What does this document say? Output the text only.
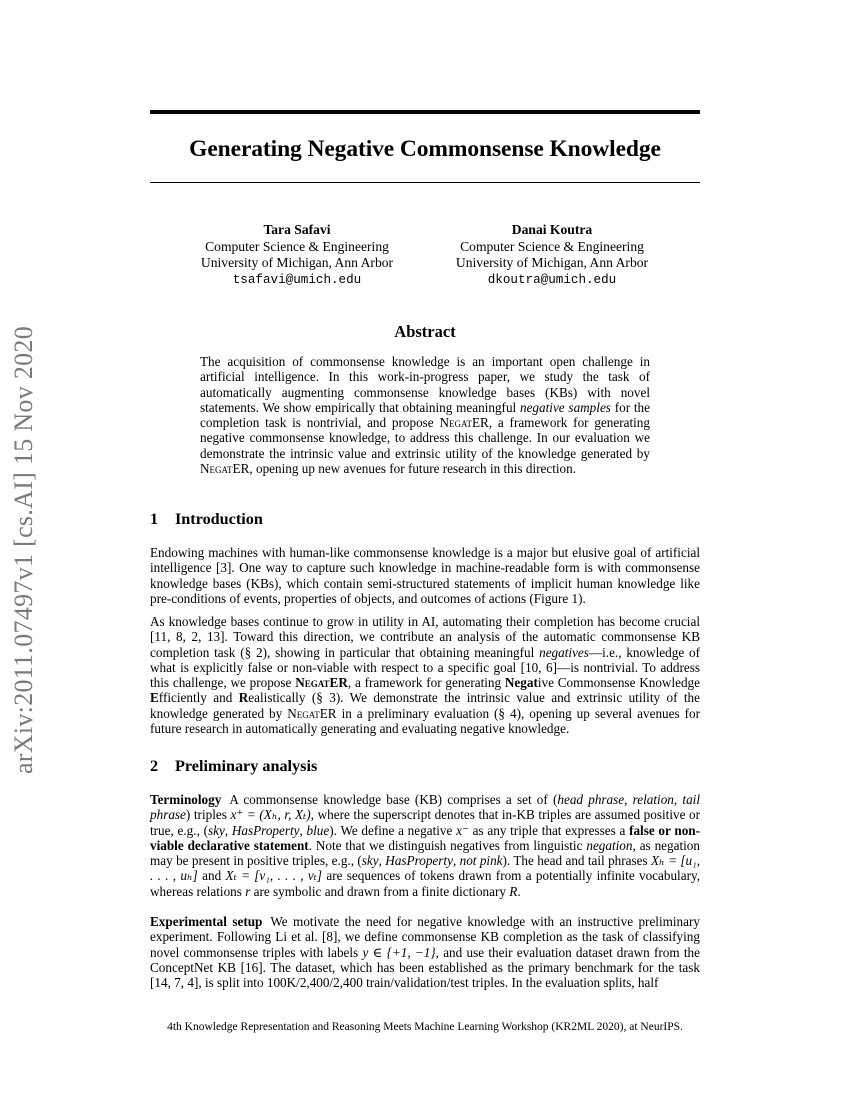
arXiv:2011.07497v1 [cs.AI] 15 Nov 2020
Generating Negative Commonsense Knowledge
Tara Safavi
Computer Science & Engineering
University of Michigan, Ann Arbor
tsafavi@umich.edu
Danai Koutra
Computer Science & Engineering
University of Michigan, Ann Arbor
dkoutra@umich.edu
Abstract
The acquisition of commonsense knowledge is an important open challenge in artificial intelligence. In this work-in-progress paper, we study the task of automatically augmenting commonsense knowledge bases (KBs) with novel statements. We show empirically that obtaining meaningful negative samples for the completion task is nontrivial, and propose NegatER, a framework for generating negative commonsense knowledge, to address this challenge. In our evaluation we demonstrate the intrinsic value and extrinsic utility of the knowledge generated by NegatER, opening up new avenues for future research in this direction.
1 Introduction
Endowing machines with human-like commonsense knowledge is a major but elusive goal of artificial intelligence [3]. One way to capture such knowledge in machine-readable form is with commonsense knowledge bases (KBs), which contain semi-structured statements of implicit human knowledge like pre-conditions of events, properties of objects, and outcomes of actions (Figure 1).
As knowledge bases continue to grow in utility in AI, automating their completion has become crucial [11, 8, 2, 13]. Toward this direction, we contribute an analysis of the automatic commonsense KB completion task (§ 2), showing in particular that obtaining meaningful negatives—i.e., knowledge of what is explicitly false or non-viable with respect to a specific goal [10, 6]—is nontrivial. To address this challenge, we propose NegatER, a framework for generating Negative Commonsense Knowledge Efficiently and Realistically (§ 3). We demonstrate the intrinsic value and extrinsic utility of the knowledge generated by NegatER in a preliminary evaluation (§ 4), opening up several avenues for future research in automatically generating and evaluating negative knowledge.
2 Preliminary analysis
Terminology A commonsense knowledge base (KB) comprises a set of (head phrase, relation, tail phrase) triples x⁺ = (Xₕ, r, Xₜ), where the superscript denotes that in-KB triples are assumed positive or true, e.g., (sky, HasProperty, blue). We define a negative x⁻ as any triple that expresses a false or non-viable declarative statement. Note that we distinguish negatives from linguistic negation, as negation may be present in positive triples, e.g., (sky, HasProperty, not pink). The head and tail phrases Xₕ = [u₁, . . . , uₕ] and Xₜ = [v₁, . . . , vₜ] are sequences of tokens drawn from a potentially infinite vocabulary, whereas relations r are symbolic and drawn from a finite dictionary R.
Experimental setup We motivate the need for negative knowledge with an instructive preliminary experiment. Following Li et al. [8], we define commonsense KB completion as the task of classifying novel commonsense triples with labels y ∈ {+1, −1}, and use their evaluation dataset drawn from the ConceptNet KB [16]. The dataset, which has been established as the primary benchmark for the task [14, 7, 4], is split into 100K/2,400/2,400 train/validation/test triples. In the evaluation splits, half
4th Knowledge Representation and Reasoning Meets Machine Learning Workshop (KR2ML 2020), at NeurIPS.
